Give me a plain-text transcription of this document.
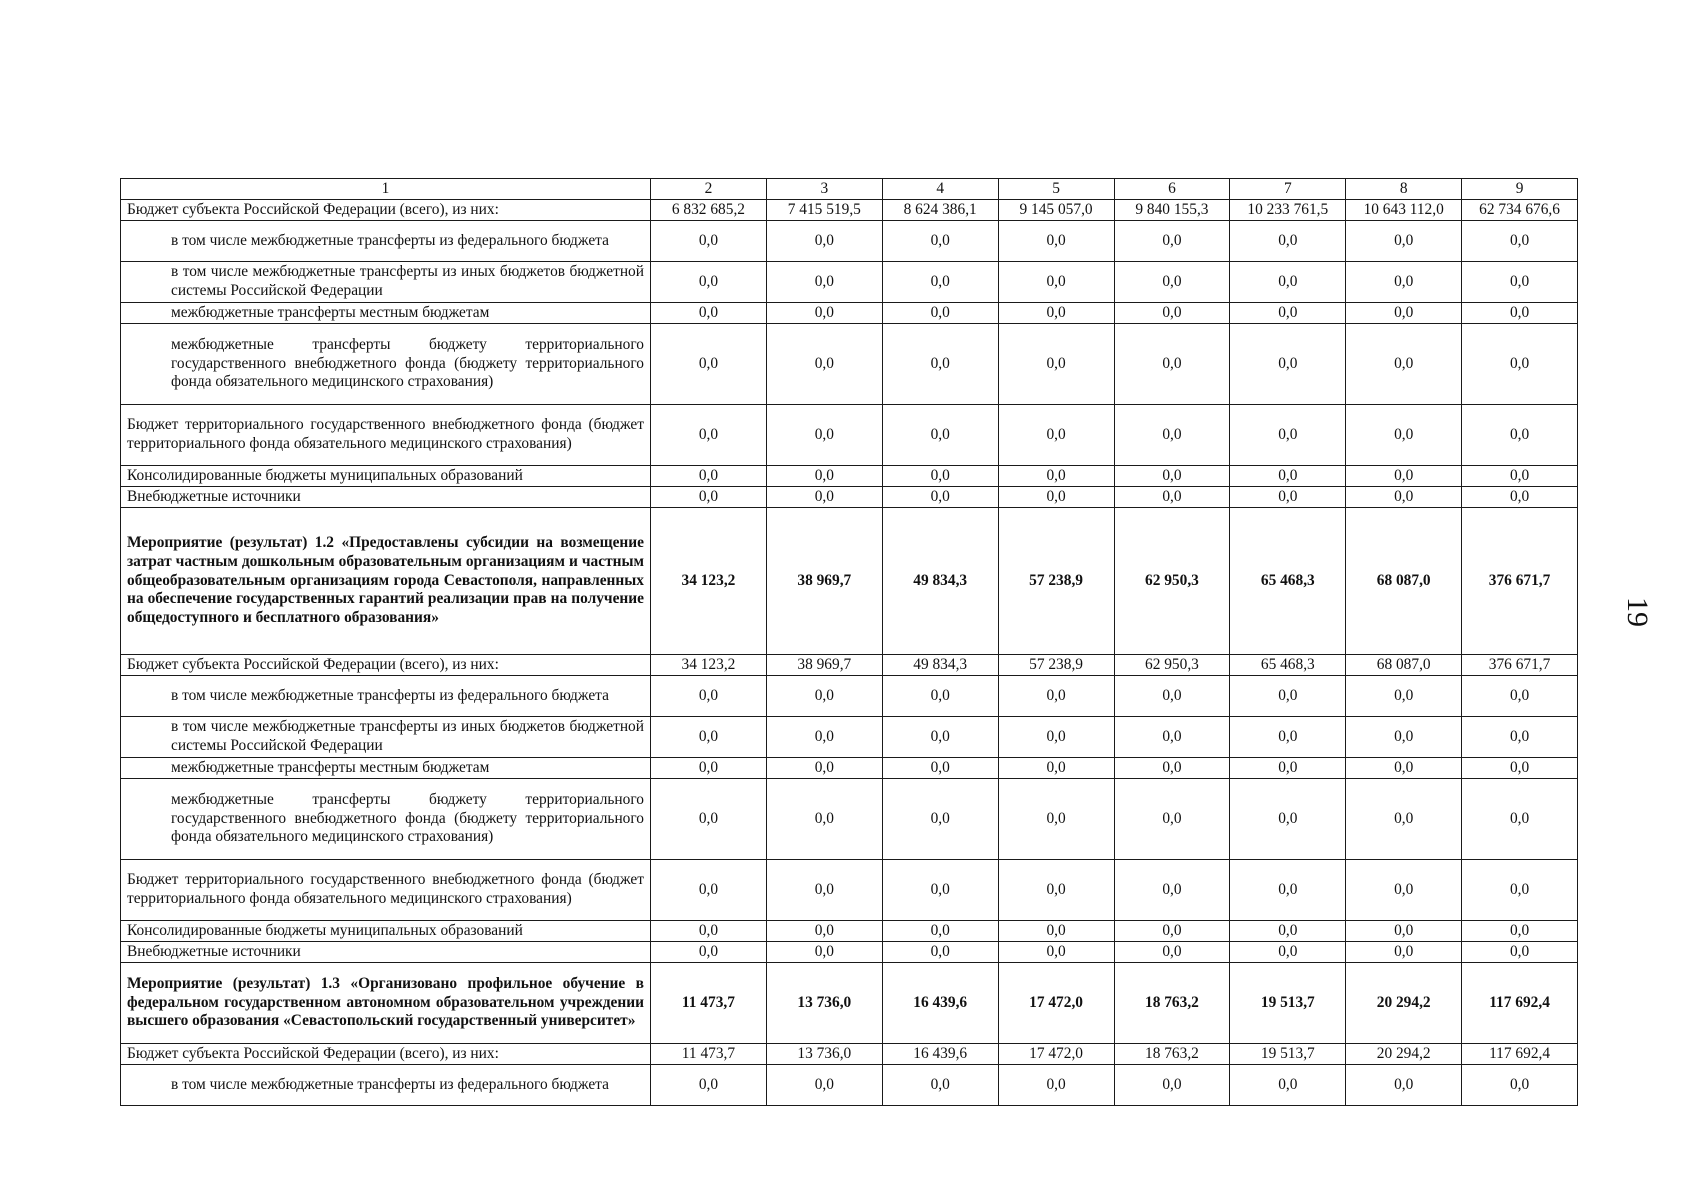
1	2	3	4	5	6	7	8	9
Бюджет субъекта Российской Федерации (всего), из них:	6 832 685,2	7 415 519,5	8 624 386,1	9 145 057,0	9 840 155,3	10 233 761,5	10 643 112,0	62 734 676,6
в том числе межбюджетные трансферты из федерального бюджета	0,0	0,0	0,0	0,0	0,0	0,0	0,0	0,0
в том числе межбюджетные трансферты из иных бюджетов бюджетной системы Российской Федерации	0,0	0,0	0,0	0,0	0,0	0,0	0,0	0,0
межбюджетные трансферты местным бюджетам	0,0	0,0	0,0	0,0	0,0	0,0	0,0	0,0
межбюджетные трансферты бюджету территориального государственного внебюджетного фонда (бюджету территориального фонда обязательного медицинского страхования)	0,0	0,0	0,0	0,0	0,0	0,0	0,0	0,0
Бюджет территориального государственного внебюджетного фонда (бюджет территориального фонда обязательного медицинского страхования)	0,0	0,0	0,0	0,0	0,0	0,0	0,0	0,0
Консолидированные бюджеты муниципальных образований	0,0	0,0	0,0	0,0	0,0	0,0	0,0	0,0
Внебюджетные источники	0,0	0,0	0,0	0,0	0,0	0,0	0,0	0,0
Мероприятие (результат) 1.2 «Предоставлены субсидии на возмещение затрат частным дошкольным образовательным организациям и частным общеобразовательным организациям города Севастополя, направленных на обеспечение государственных гарантий реализации прав на получение общедоступного и бесплатного образования»	34 123,2	38 969,7	49 834,3	57 238,9	62 950,3	65 468,3	68 087,0	376 671,7
Бюджет субъекта Российской Федерации (всего), из них:	34 123,2	38 969,7	49 834,3	57 238,9	62 950,3	65 468,3	68 087,0	376 671,7
в том числе межбюджетные трансферты из федерального бюджета	0,0	0,0	0,0	0,0	0,0	0,0	0,0	0,0
в том числе межбюджетные трансферты из иных бюджетов бюджетной системы Российской Федерации	0,0	0,0	0,0	0,0	0,0	0,0	0,0	0,0
межбюджетные трансферты местным бюджетам	0,0	0,0	0,0	0,0	0,0	0,0	0,0	0,0
межбюджетные трансферты бюджету территориального государственного внебюджетного фонда (бюджету территориального фонда обязательного медицинского страхования)	0,0	0,0	0,0	0,0	0,0	0,0	0,0	0,0
Бюджет территориального государственного внебюджетного фонда (бюджет территориального фонда обязательного медицинского страхования)	0,0	0,0	0,0	0,0	0,0	0,0	0,0	0,0
Консолидированные бюджеты муниципальных образований	0,0	0,0	0,0	0,0	0,0	0,0	0,0	0,0
Внебюджетные источники	0,0	0,0	0,0	0,0	0,0	0,0	0,0	0,0
Мероприятие (результат) 1.3 «Организовано профильное обучение в федеральном государственном автономном образовательном учреждении высшего образования «Севастопольский государственный университет»	11 473,7	13 736,0	16 439,6	17 472,0	18 763,2	19 513,7	20 294,2	117 692,4
Бюджет субъекта Российской Федерации (всего), из них:	11 473,7	13 736,0	16 439,6	17 472,0	18 763,2	19 513,7	20 294,2	117 692,4
в том числе межбюджетные трансферты из федерального бюджета	0,0	0,0	0,0	0,0	0,0	0,0	0,0	0,0
19
